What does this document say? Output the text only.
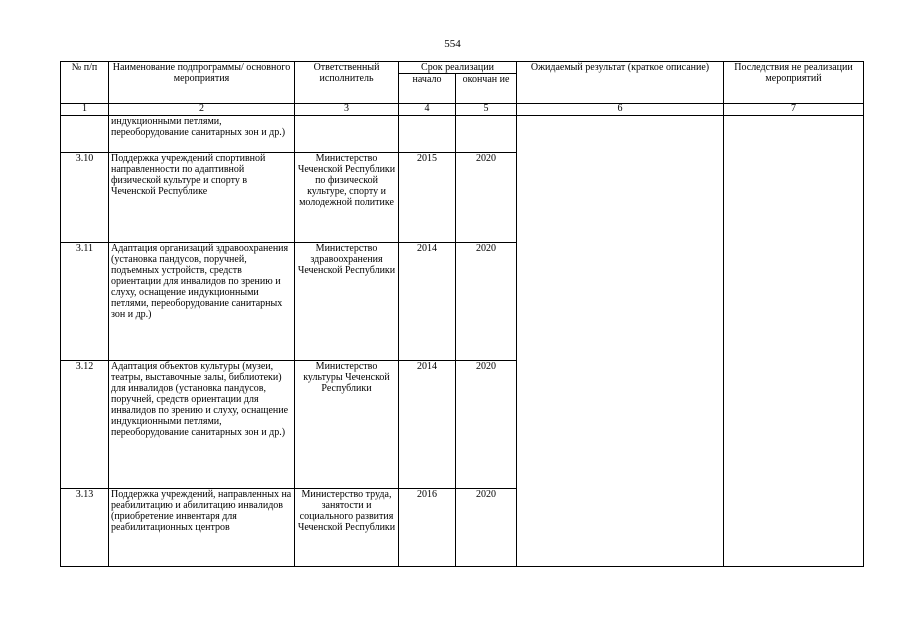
554
№ п/п	Наименование подпрограммы/ основного мероприятия	Ответственный исполнитель	Срок реализации		Ожидаемый результат (краткое описание)	Последствия не реализации мероприятий
			начало	окончан ие		
1	2	3	4	5	6	7
	индукционными петлями, переоборудование санитарных зон и др.)					
3.10	Поддержка учреждений спортивной направленности по адаптивной физической культуре и спорту в Чеченской Республике	Министерство Чеченской Республики по физической культуре, спорту и молодежной политике	2015	2020		
3.11	Адаптация организаций здравоохранения (установка пандусов, поручней, подъемных устройств, средств ориентации для инвалидов по зрению и слуху, оснащение индукционными петлями, переоборудование санитарных зон и др.)	Министерство здравоохранения Чеченской Республики	2014	2020		
3.12	Адаптация объектов культуры (музеи, театры, выставочные залы, библиотеки) для инвалидов (установка пандусов, поручней, средств ориентации для инвалидов по зрению и слуху, оснащение индукционными петлями, переоборудование санитарных зон и др.)	Министерство культуры Чеченской Республики	2014	2020		
3.13	Поддержка учреждений, направленных на реабилитацию и абилитацию инвалидов (приобретение инвентаря для реабилитационных центров	Министерство труда, занятости и социального развития Чеченской Республики	2016	2020		
